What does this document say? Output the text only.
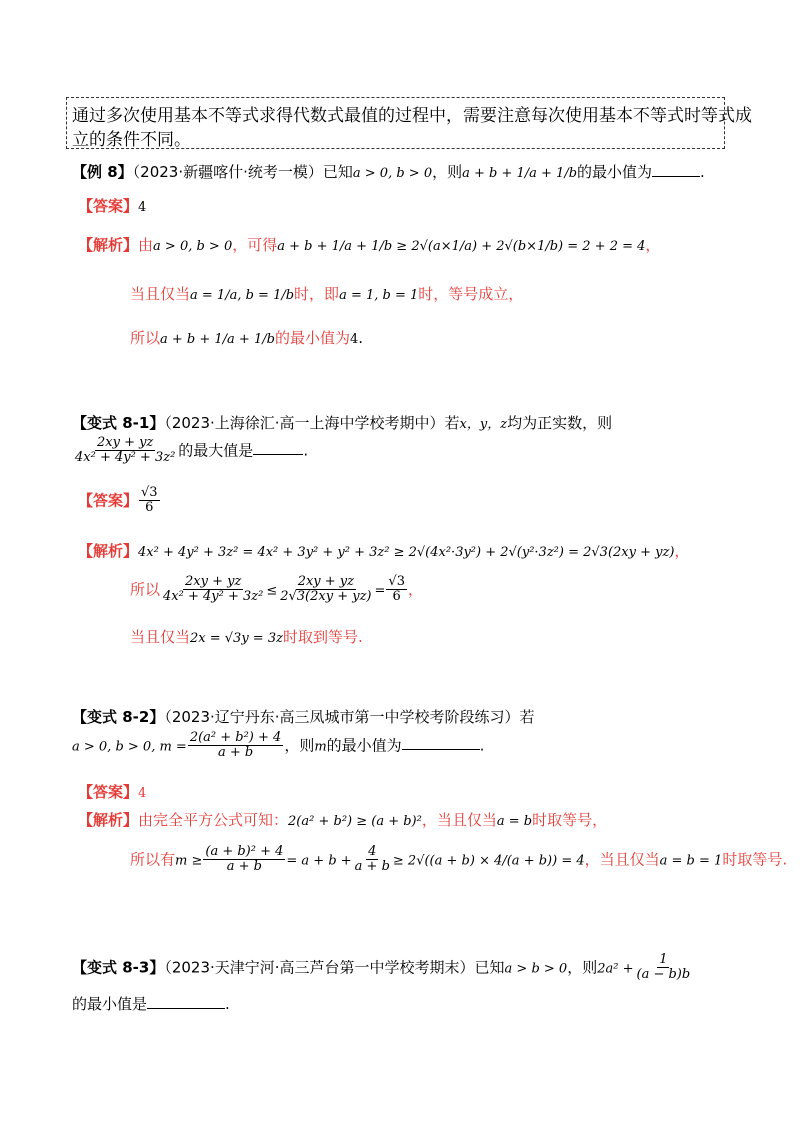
通过多次使用基本不等式求得代数式最值的过程中，需要注意每次使用基本不等式时等式成
立的条件不同。
【例 8】（2023·新疆喀什·统考一模）已知a > 0, b > 0，则a + b + 1/a + 1/b的最小值为	.
【答案】4
【解析】由a > 0, b > 0，可得a + b + 1/a + 1/b ≥ 2√(a×1/a) + 2√(b×1/b) = 2 + 2 = 4，
当且仅当a = 1/a, b = 1/b时，即a = 1, b = 1时，等号成立，
所以a + b + 1/a + 1/b的最小值为4.
【变式 8-1】（2023·上海徐汇·高一上海中学校考期中）若x，y，z均为正实数，则
$\frac{2xy + yz}{\text{4x² + 4y² + 3z²}}$ 的最大值是	.
【答案】 $\frac{√3}{6}$
【解析】4x² + 4y² + 3z² = 4x² + 3y² + y² + 3z² ≥ 2√(4x²·3y²) + 2√(y²·3z²) = 2√3(2xy + yz)，
所以 $\frac{2xy + yz}{\text{4x² + 4y² + 3z²}} \le \frac{2xy + yz}{2√3(2xy + yz)} = \frac{√3}{6}$ ，
当且仅当2x = √3y = 3z时取到等号.
【变式 8-2】（2023·辽宁丹东·高三凤城市第一中学校考阶段练习）若
a > 0, b > 0, $m = \frac{\text{2(a² + b²) + 4}}{a + b}$ ，则m的最小值为	.
【答案】4
【解析】由完全平方公式可知：2(a² + b²) ≥ (a + b)²，当且仅当a = b时取等号，
所以有$m \ge \frac{\text{(a + b)² + 4}}{a + b} = a + b + \frac{4}{a + b} \ge 2√((a + b) \times 4/(a + b)) = 4$，当且仅当a = b = 1时取等号.
【变式 8-3】（2023·天津宁河·高三芦台第一中学校考期末）已知a > b > 0，则$2a^2 + \frac{1}{(a - b)b}$
的最小值是	.
